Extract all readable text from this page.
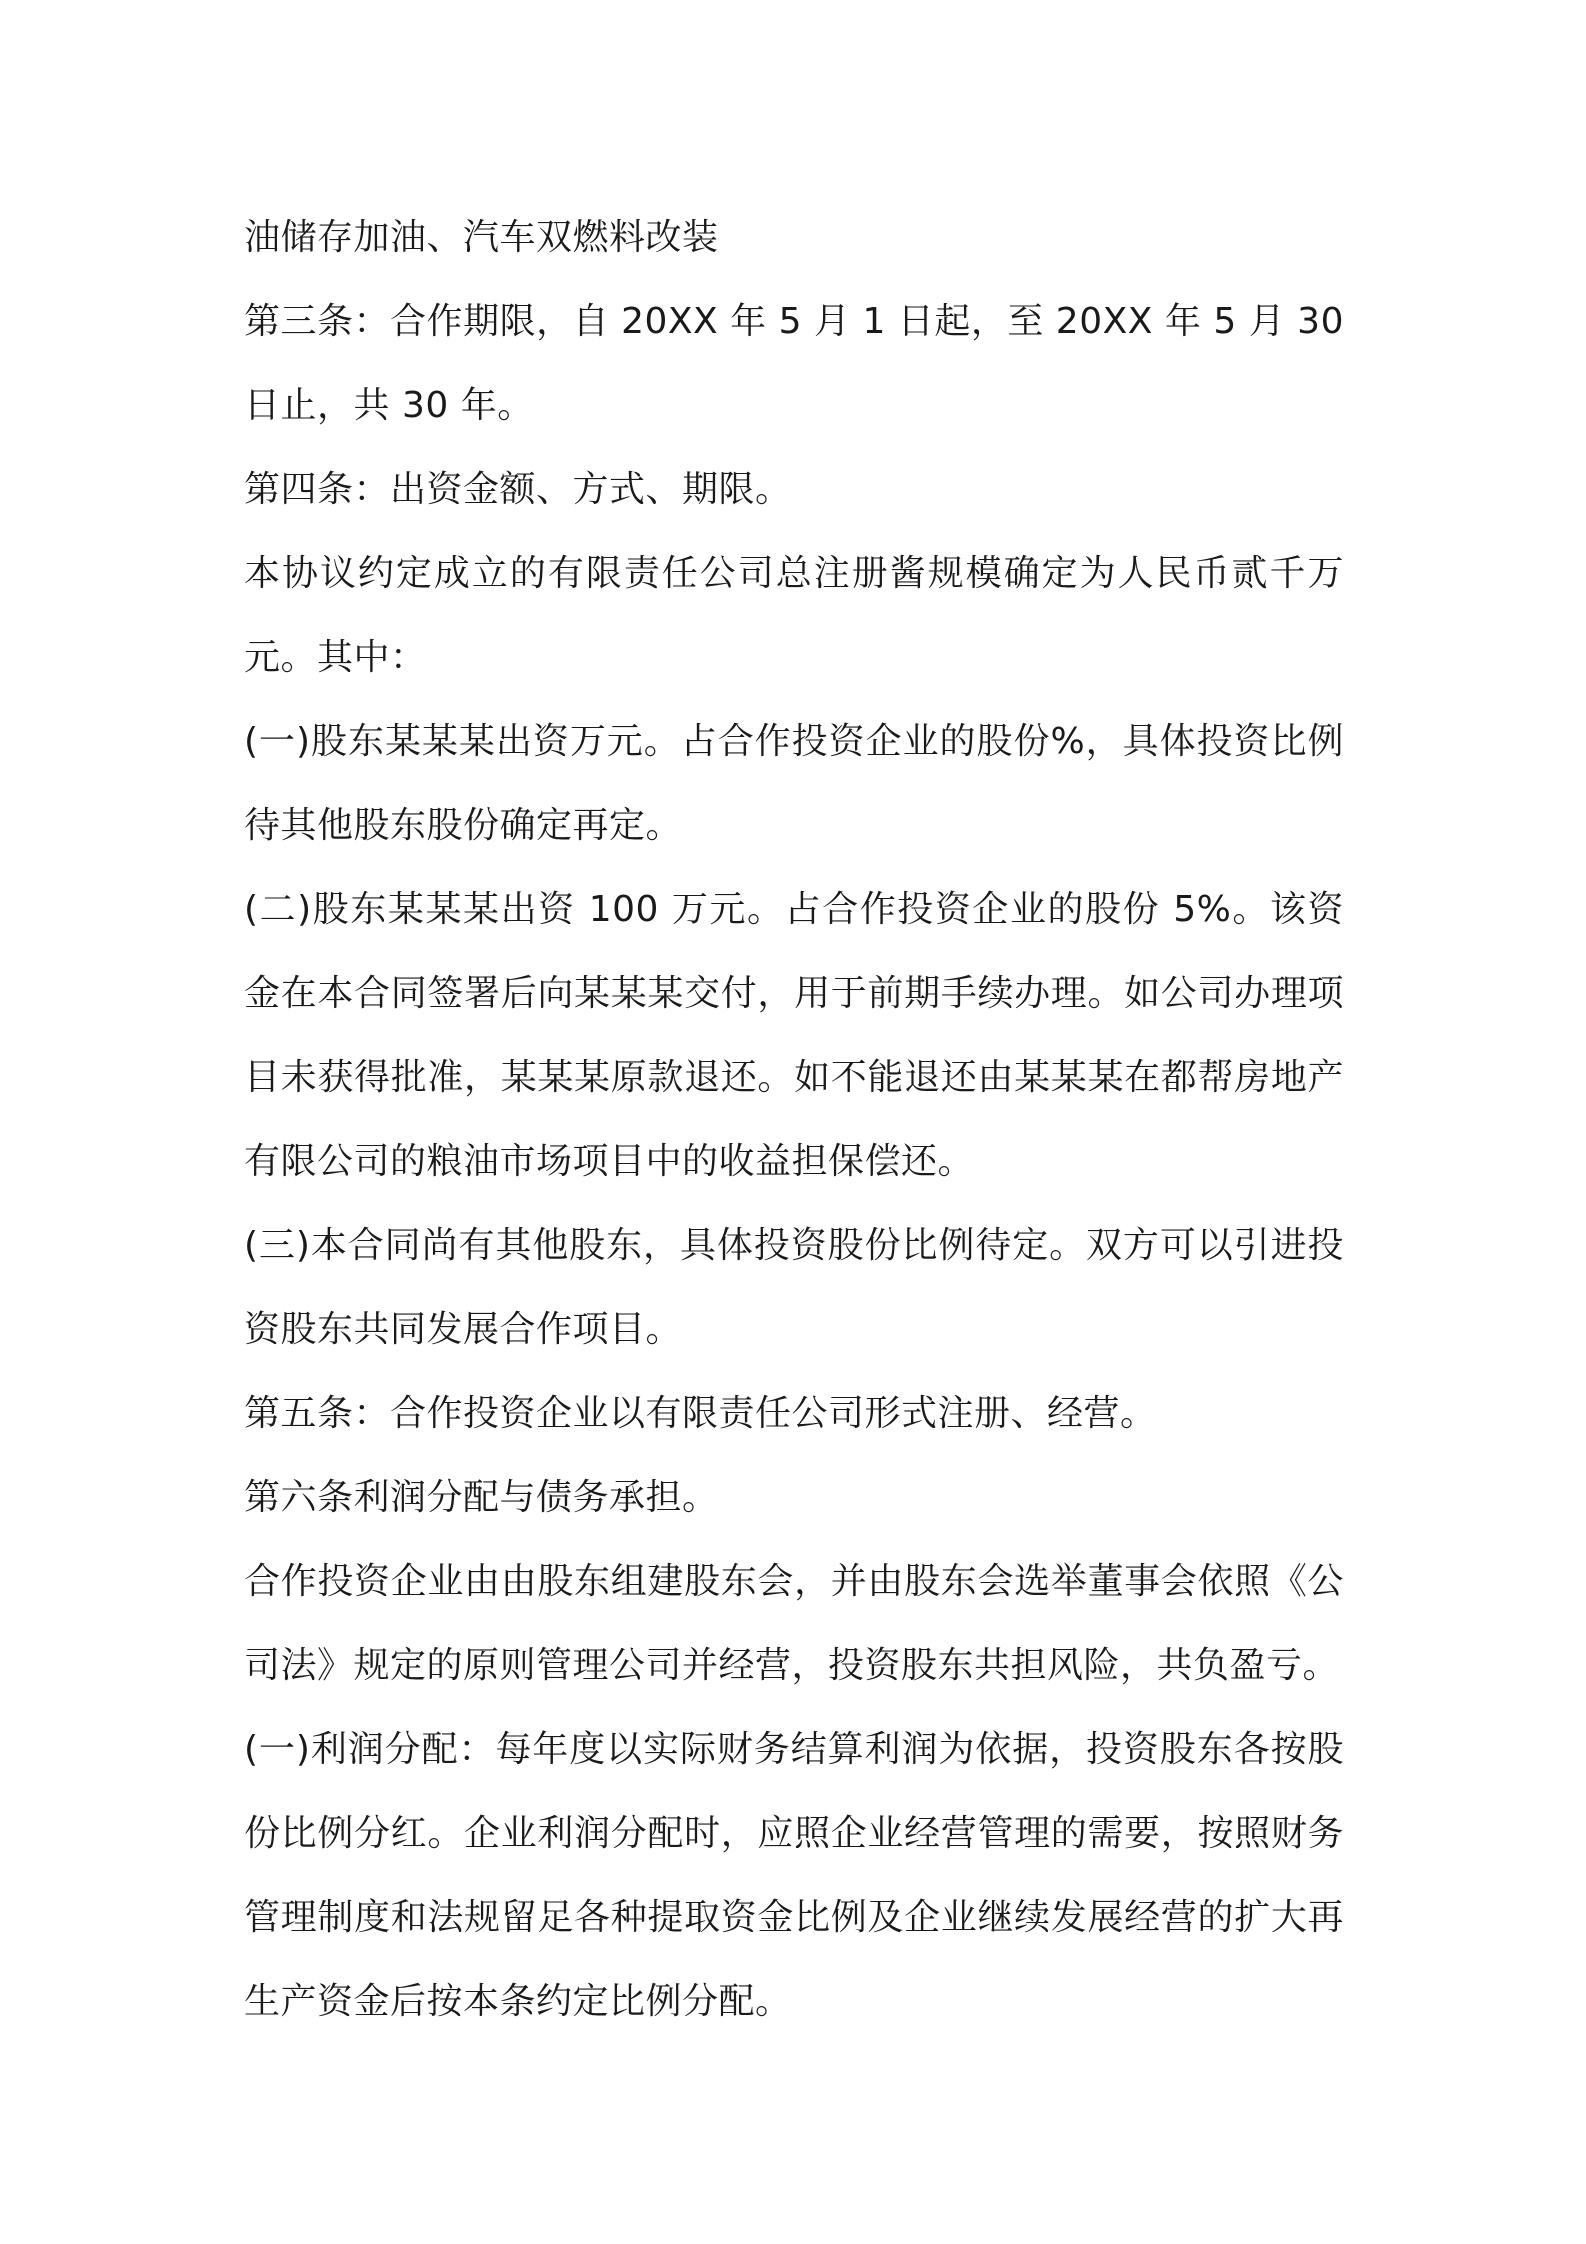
油储存加油、汽车双燃料改装

第三条：合作期限，自 20XX 年 5 月 1 日起，至 20XX 年 5 月 30 日止，共 30 年。

第四条：出资金额、方式、期限。

本协议约定成立的有限责任公司总注册酱规模确定为人民币贰千万元。其中：

(一)股东某某某出资万元。占合作投资企业的股份%，具体投资比例待其他股东股份确定再定。

(二)股东某某某出资 100 万元。占合作投资企业的股份 5%。该资金在本合同签署后向某某某交付，用于前期手续办理。如公司办理项目未获得批准，某某某原款退还。如不能退还由某某某在都帮房地产有限公司的粮油市场项目中的收益担保偿还。

(三)本合同尚有其他股东，具体投资股份比例待定。双方可以引进投资股东共同发展合作项目。

第五条：合作投资企业以有限责任公司形式注册、经营。

第六条利润分配与债务承担。

合作投资企业由由股东组建股东会，并由股东会选举董事会依照《公司法》规定的原则管理公司并经营，投资股东共担风险，共负盈亏。

(一)利润分配：每年度以实际财务结算利润为依据，投资股东各按股份比例分红。企业利润分配时，应照企业经营管理的需要，按照财务管理制度和法规留足各种提取资金比例及企业继续发展经营的扩大再生产资金后按本条约定比例分配。
